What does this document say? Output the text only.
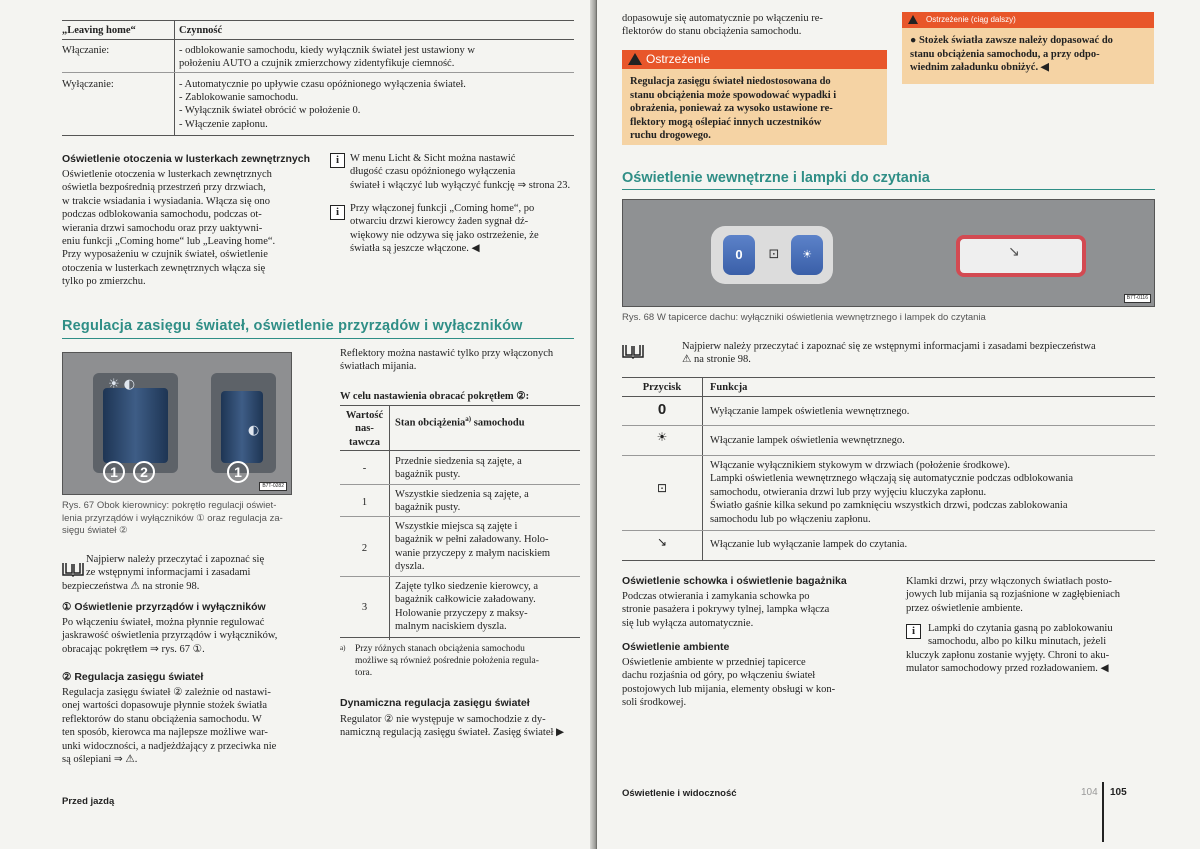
„Leaving home“	Czynność
Włączanie:	- odblokowanie samochodu, kiedy wyłącznik świateł jest ustawiony w
położeniu AUTO a czujnik zmierzchowy zidentyfikuje ciemność.
Wyłączanie:	- Automatycznie po upływie czasu opóźnionego wyłączenia świateł.
- Zablokowanie samochodu.
- Wyłącznik świateł obrócić w położenie 0.
- Włączenie zapłonu.
Oświetlenie otoczenia w lusterkach zewnętrznych
Oświetlenie otoczenia w lusterkach zewnętrznych
oświetla bezpośrednią przestrzeń przy drzwiach,
w trakcie wsiadania i wysiadania. Włącza się ono
podczas odblokowania samochodu, podczas ot-
wierania drzwi samochodu oraz przy uaktywni-
eniu funkcji „Coming home“ lub „Leaving home“.
Przy wyposażeniu w czujnik świateł, oświetlenie
otoczenia w lusterkach zewnętrznych włącza się
tylko po zmierzchu.
i	W menu Licht & Sicht można nastawić
długość czasu opóźnionego wyłączenia
świateł i włączyć lub wyłączyć funkcję ⇒ strona 23.
i	Przy włączonej funkcji „Coming home“, po
otwarciu drzwi kierowcy żaden sygnał dź-
więkowy nie odzywa się jako ostrzeżenie, że
światła są jeszcze włączone. ◀
Regulacja zasięgu świateł, oświetlenie przyrządów i wyłączników
☀ ◐
◐
1 2	1
B7T-0282
Rys. 67 Obok kierownicy: pokrętło regulacji oświet-
lenia przyrządów i wyłączników ① oraz regulacja za-
sięgu świateł ②
Najpierw należy przeczytać i zapoznać się
ze wstępnymi informacjami i zasadami
bezpieczeństwa ⚠ na stronie 98.
① Oświetlenie przyrządów i wyłączników
Po włączeniu świateł, można płynnie regulować
jaskrawość oświetlenia przyrządów i wyłączników,
obracając pokrętłem ⇒ rys. 67 ①.
② Regulacja zasięgu świateł
Regulacja zasięgu świateł ② zależnie od nastawi-
onej wartości dopasowuje płynnie stożek światła
reflektorów do stanu obciążenia samochodu. W
ten sposób, kierowca ma najlepsze możliwe war-
unki widoczności, a nadjeżdżający z przeciwka nie
są oślepiani ⇒ ⚠.
Reflektory można nastawić tylko przy włączonych
światłach mijania.
W celu nastawienia obracać pokrętłem ②:
Wartość
nas-
tawcza
Stan obciążenia$^{a)}$ samochodu
-
Przednie siedzenia są zajęte, a
bagażnik pusty.
1
Wszystkie siedzenia są zajęte, a
bagażnik pusty.
2
Wszystkie miejsca są zajęte i
bagażnik w pełni załadowany. Holo-
wanie przyczepy z małym naciskiem
dyszla.
3
Zajęte tylko siedzenie kierowcy, a
bagażnik całkowicie załadowany.
Holowanie przyczepy z maksy-
malnym naciskiem dyszla.
a) Przy różnych stanach obciążenia samochodu
możliwe są również pośrednie położenia regula-
tora.
Dynamiczna regulacja zasięgu świateł
Regulator ② nie występuje w samochodzie z dy-
namiczną regulacją zasięgu świateł. Zasięg świateł ▶
Przed jazdą
dopasowuje się automatycznie po włączeniu re-
flektorów do stanu obciążenia samochodu.
Ostrzeżenie
Regulacja zasięgu świateł niedostosowana do
stanu obciążenia może spowodować wypadki i
obrażenia, ponieważ za wysoko ustawione re-
flektory mogą oślepiać innych uczestników
ruchu drogowego.
Ostrzeżenie (ciąg dalszy)
● Stożek światła zawsze należy dopasować do
stanu obciążenia samochodu, a przy odpo-
wiednim załadunku obniżyć. ◀
Oświetlenie wewnętrzne i lampki do czytania
0	⊡	☀	↘
B7T-0116
Rys. 68 W tapicerce dachu: wyłączniki oświetlenia wewnętrznego i lampek do czytania
Najpierw należy przeczytać i zapoznać się ze wstępnymi informacjami i zasadami bezpieczeństwa
⚠ na stronie 98.
Przycisk	Funkcja
0	Wyłączanie lampek oświetlenia wewnętrznego.
☀	Włączanie lampek oświetlenia wewnętrznego.
⊡
Włączanie wyłącznikiem stykowym w drzwiach (położenie środkowe).
Lampki oświetlenia wewnętrznego włączają się automatycznie podczas odblokowania
samochodu, otwierania drzwi lub przy wyjęciu kluczyka zapłonu.
Światło gaśnie kilka sekund po zamknięciu wszystkich drzwi, podczas zablokowania
samochodu lub po włączeniu zapłonu.
↘	Włączanie lub wyłączanie lampek do czytania.
Oświetlenie schowka i oświetlenie bagażnika
Podczas otwierania i zamykania schowka po
stronie pasażera i pokrywy tylnej, lampka włącza
się lub wyłącza automatycznie.
Oświetlenie ambiente
Oświetlenie ambiente w przedniej tapicerce
dachu rozjaśnia od góry, po włączeniu świateł
postojowych lub mijania, elementy obsługi w kon-
soli środkowej.
Klamki drzwi, przy włączonych światłach posto-
jowych lub mijania są rozjaśnione w zagłębieniach
przez oświetlenie ambiente.
i	Lampki do czytania gasną po zablokowaniu
samochodu, albo po kilku minutach, jeżeli
kluczyk zapłonu zostanie wyjęty. Chroni to aku-
mulator samochodowy przed rozładowaniem. ◀
Oświetlenie i widoczność	104 105
